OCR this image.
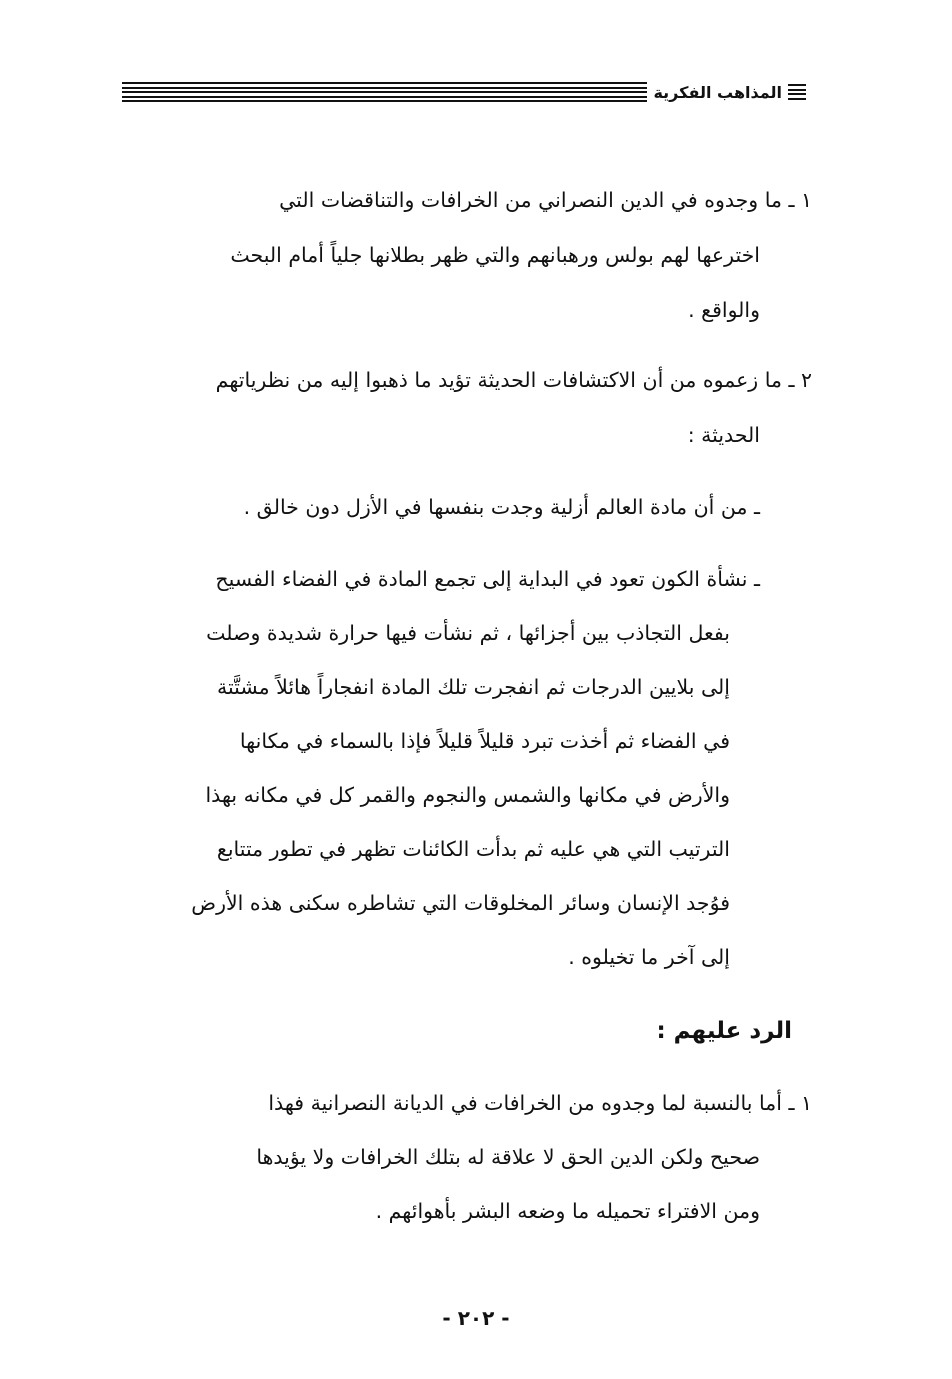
المذاهب الفكرية
١ ـ ما وجدوه في الدين النصراني من الخرافات والتناقضات التي
اخترعها لهم بولس ورهبانهم والتي ظهر بطلانها جلياً أمام البحث
والواقع .
٢ ـ ما زعموه من أن الاكتشافات الحديثة تؤيد ما ذهبوا إليه من نظرياتهم
الحديثة :
ـ من أن مادة العالم أزلية وجدت بنفسها في الأزل دون خالق .
ـ نشأة الكون تعود في البداية إلى تجمع المادة في الفضاء الفسيح
بفعل التجاذب بين أجزائها ، ثم نشأت فيها حرارة شديدة وصلت
إلى بلايين الدرجات ثم انفجرت تلك المادة انفجاراً هائلاً مشتَّتة
في الفضاء ثم أخذت تبرد قليلاً قليلاً فإذا بالسماء في مكانها
والأرض في مكانها والشمس والنجوم والقمر كل في مكانه بهذا
الترتيب التي هي عليه ثم بدأت الكائنات تظهر في تطور متتابع
فوُجد الإنسان وسائر المخلوقات التي تشاطره سكنى هذه الأرض
إلى آخر ما تخيلوه .
الرد عليهم :
١ ـ أما بالنسبة لما وجدوه من الخرافات في الديانة النصرانية فهذا
صحيح ولكن الدين الحق لا علاقة له بتلك الخرافات ولا يؤيدها
ومن الافتراء تحميله ما وضعه البشر بأهوائهم .
- ٢٠٢ -
